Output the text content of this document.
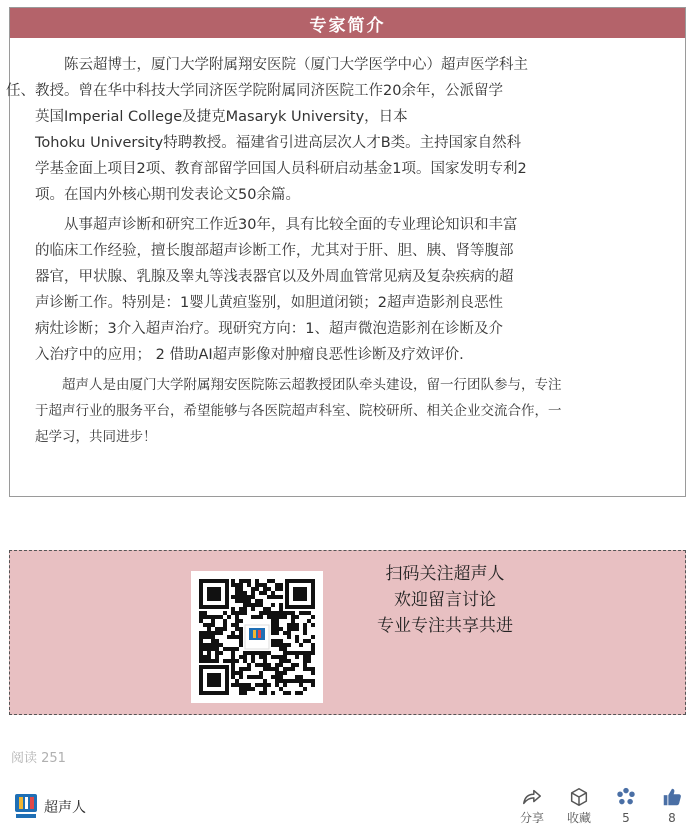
专家简介

陈云超博士，厦门大学附属翔安医院（厦门大学医学中心）超声医学科主
任、教授。曾在华中科技大学同济医学院附属同济医院工作20余年，公派留学
英国Imperial College及捷克Masaryk University，日本
Tohoku University特聘教授。福建省引进高层次人才B类。主持国家自然科
学基金面上项目2项、教育部留学回国人员科研启动基金1项。国家发明专利2
项。在国内外核心期刊发表论文50余篇。

从事超声诊断和研究工作近30年，具有比较全面的专业理论知识和丰富
的临床工作经验，擅长腹部超声诊断工作，尤其对于肝、胆、胰、肾等腹部
器官，甲状腺、乳腺及睾丸等浅表器官以及外周血管常见病及复杂疾病的超
声诊断工作。特别是：1婴儿黄疸鉴别，如胆道闭锁；2超声造影剂良恶性
病灶诊断；3介入超声治疗。现研究方向：1、超声微泡造影剂在诊断及介
入治疗中的应用； 2 借助AI超声影像对肿瘤良恶性诊断及疗效评价.

超声人是由厦门大学附属翔安医院陈云超教授团队牵头建设，留一行团队参与，专注
于超声行业的服务平台，希望能够与各医院超声科室、院校研所、相关企业交流合作，一
起学习，共同进步！

扫码关注超声人
欢迎留言讨论
专业专注共享共进
阅读 251
超声人
分享	收藏	5	8
